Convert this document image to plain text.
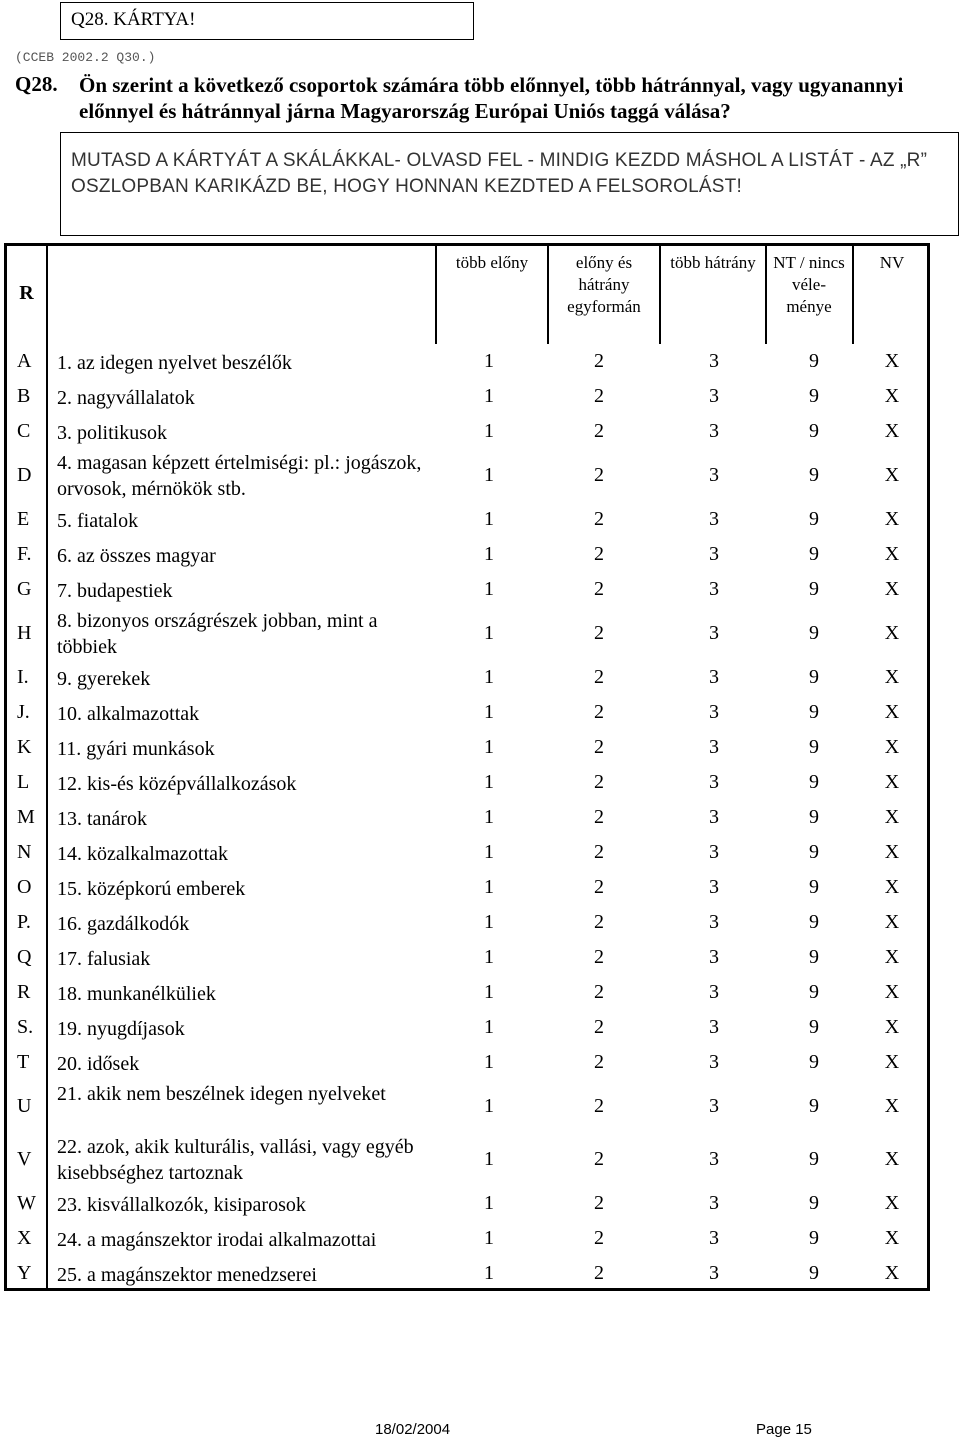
Q28. KÁRTYA!
(CCEB 2002.2 Q30.)
Q28. Ön szerint a következő csoportok számára több előnnyel, több hátránnyal, vagy ugyanannyi előnnyel és hátránnyal járna Magyarország Európai Uniós taggá válása?
MUTASD A KÁRTYÁT A SKÁLÁKKAL- OLVASD FEL - MINDIG KEZDD MÁSHOL A LISTÁT - AZ „R” OSZLOPBAN KARIKÁZD BE, HOGY HONNAN KEZDTED A FELSOROLÁST!
R
több előny	előny és hátrány egyformán
több hátrány	NT / nincs véle- ménye
NV
A 1. az idegen nyelvet beszélők	1	2	3	9	X
B 2. nagyvállalatok	1	2	3	9	X
C 3. politikusok	1	2	3	9	X
D
4. magasan képzett értelmiségi: pl.: jogászok, orvosok, mérnökök stb.
1	2	3	9	X
E 5. fiatalok	1	2	3	9	X
F. 6. az összes magyar	1	2	3	9	X
G 7. budapestiek	1	2	3	9	X
H
8. bizonyos országrészek jobban, mint a többiek
1	2	3	9	X
I. 9. gyerekek	1	2	3	9	X
J. 10. alkalmazottak	1	2	3	9	X
K 11. gyári munkások	1	2	3	9	X
L 12. kis-és középvállalkozások	1	2	3	9	X
M 13. tanárok	1	2	3	9	X
N 14. közalkalmazottak	1	2	3	9	X
O 15. középkorú emberek	1	2	3	9	X
P. 16. gazdálkodók	1	2	3	9	X
Q 17. falusiak	1	2	3	9	X
R 18. munkanélküliek	1	2	3	9	X
S. 19. nyugdíjasok	1	2	3	9	X
T 20. idősek	1	2	3	9	X
U
21. akik nem beszélnek idegen nyelveket
1	2	3	9	X
V
22. azok, akik kulturális, vallási, vagy egyéb kisebbséghez tartoznak
1	2	3	9	X
W 23. kisvállalkozók, kisiparosok	1	2	3	9	X
X 24. a magánszektor irodai alkalmazottai	1	2	3	9	X
Y 25. a magánszektor menedzserei	1	2	3	9	X
18/02/2004	Page 15
